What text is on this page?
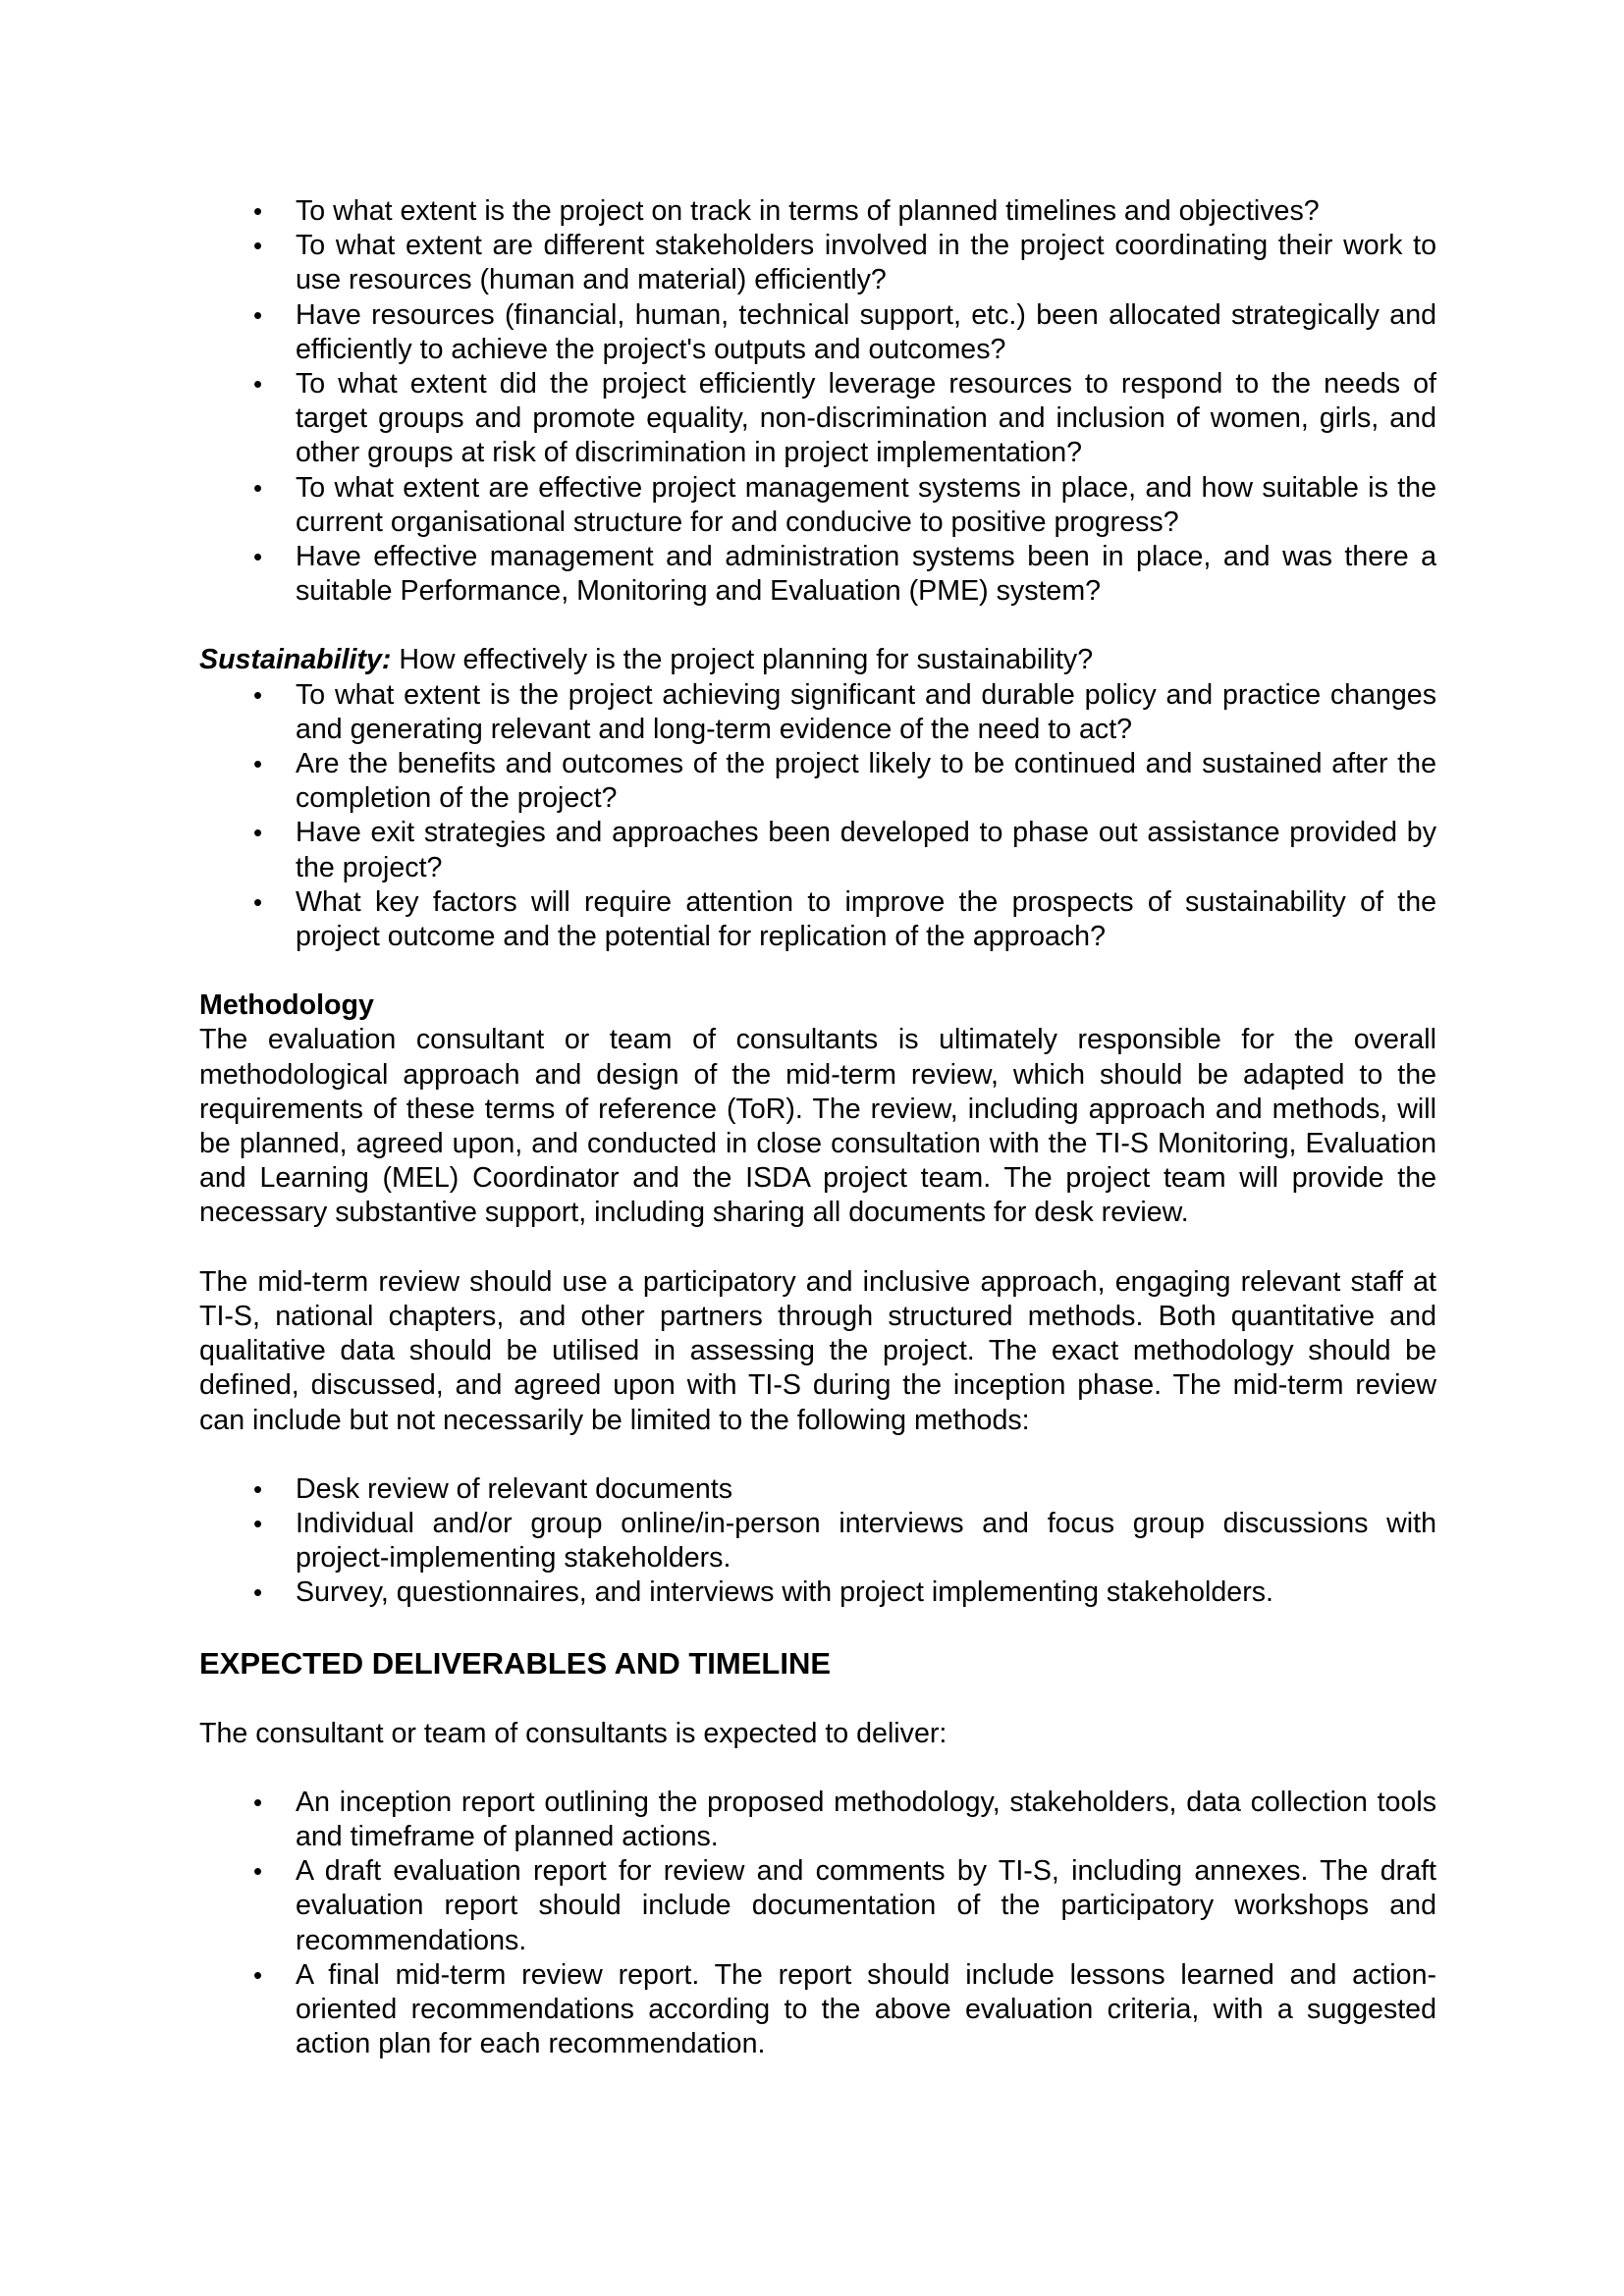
• To what extent is the project on track in terms of planned timelines and objectives?
• To what extent are different stakeholders involved in the project coordinating their work to use resources (human and material) efficiently?
• Have resources (financial, human, technical support, etc.) been allocated strategically and efficiently to achieve the project's outputs and outcomes?
• To what extent did the project efficiently leverage resources to respond to the needs of target groups and promote equality, non-discrimination and inclusion of women, girls, and other groups at risk of discrimination in project implementation?
• To what extent are effective project management systems in place, and how suitable is the current organisational structure for and conducive to positive progress?
• Have effective management and administration systems been in place, and was there a suitable Performance, Monitoring and Evaluation (PME) system?

Sustainability: How effectively is the project planning for sustainability?

• To what extent is the project achieving significant and durable policy and practice changes and generating relevant and long-term evidence of the need to act?
• Are the benefits and outcomes of the project likely to be continued and sustained after the completion of the project?
• Have exit strategies and approaches been developed to phase out assistance provided by the project?
• What key factors will require attention to improve the prospects of sustainability of the project outcome and the potential for replication of the approach?

Methodology

The evaluation consultant or team of consultants is ultimately responsible for the overall methodological approach and design of the mid-term review, which should be adapted to the requirements of these terms of reference (ToR). The review, including approach and methods, will be planned, agreed upon, and conducted in close consultation with the TI-S Monitoring, Evaluation and Learning (MEL) Coordinator and the ISDA project team. The project team will provide the necessary substantive support, including sharing all documents for desk review.

The mid-term review should use a participatory and inclusive approach, engaging relevant staff at TI-S, national chapters, and other partners through structured methods. Both quantitative and qualitative data should be utilised in assessing the project. The exact methodology should be defined, discussed, and agreed upon with TI-S during the inception phase. The mid-term review can include but not necessarily be limited to the following methods:

• Desk review of relevant documents
• Individual and/or group online/in-person interviews and focus group discussions with project-implementing stakeholders.
• Survey, questionnaires, and interviews with project implementing stakeholders.
EXPECTED DELIVERABLES AND TIMELINE

The consultant or team of consultants is expected to deliver:

• An inception report outlining the proposed methodology, stakeholders, data collection tools and timeframe of planned actions.
• A draft evaluation report for review and comments by TI-S, including annexes. The draft evaluation report should include documentation of the participatory workshops and recommendations.
• A final mid-term review report. The report should include lessons learned and action-oriented recommendations according to the above evaluation criteria, with a suggested action plan for each recommendation.
